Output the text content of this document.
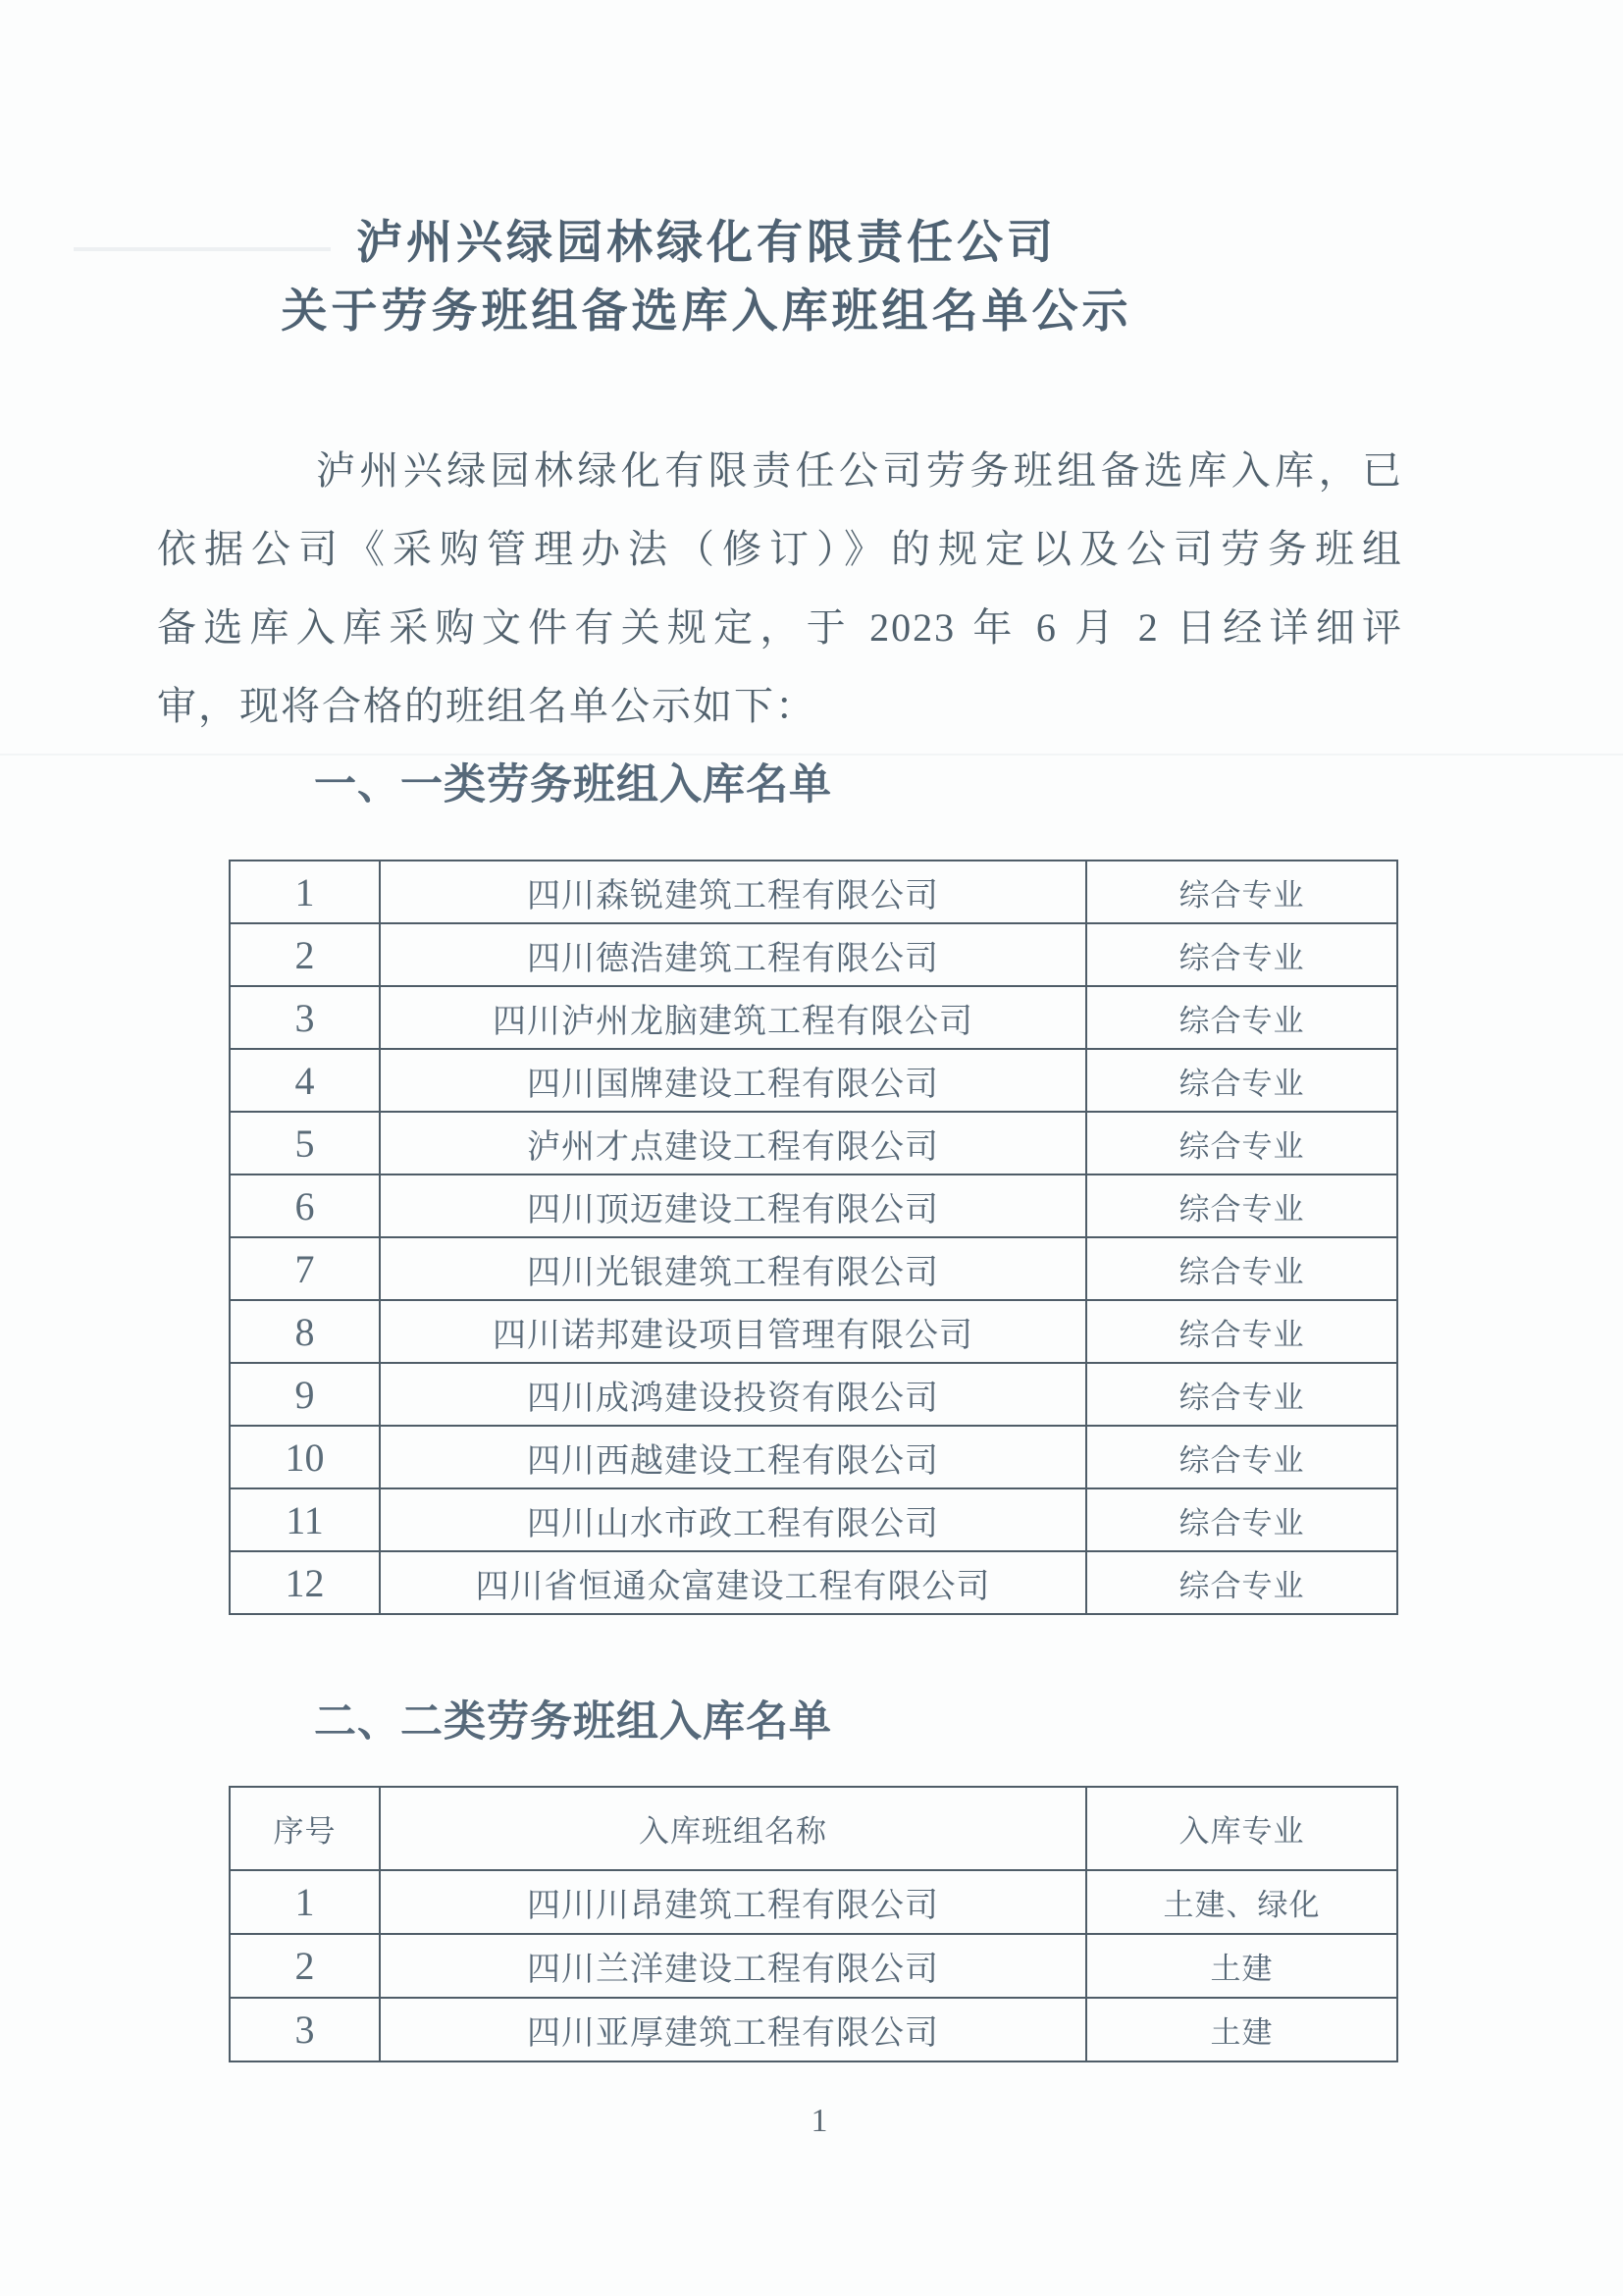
泸州兴绿园林绿化有限责任公司
关于劳务班组备选库入库班组名单公示
泸州兴绿园林绿化有限责任公司劳务班组备选库入库，已
依据公司《采购管理办法（修订）》的规定以及公司劳务班组
备选库入库采购文件有关规定，于 2023 年 6 月 2 日经详细评
审，现将合格的班组名单公示如下：
一、一类劳务班组入库名单
1	四川森锐建筑工程有限公司	综合专业
2	四川德浩建筑工程有限公司	综合专业
3	四川泸州龙脑建筑工程有限公司	综合专业
4	四川国牌建设工程有限公司	综合专业
5	泸州才点建设工程有限公司	综合专业
6	四川顶迈建设工程有限公司	综合专业
7	四川光银建筑工程有限公司	综合专业
8	四川诺邦建设项目管理有限公司	综合专业
9	四川成鸿建设投资有限公司	综合专业
10	四川西越建设工程有限公司	综合专业
11	四川山水市政工程有限公司	综合专业
12	四川省恒通众富建设工程有限公司	综合专业
二、二类劳务班组入库名单
序号	入库班组名称	入库专业
1	四川川昂建筑工程有限公司	土建、绿化
2	四川兰洋建设工程有限公司	土建
3	四川亚厚建筑工程有限公司	土建
1
